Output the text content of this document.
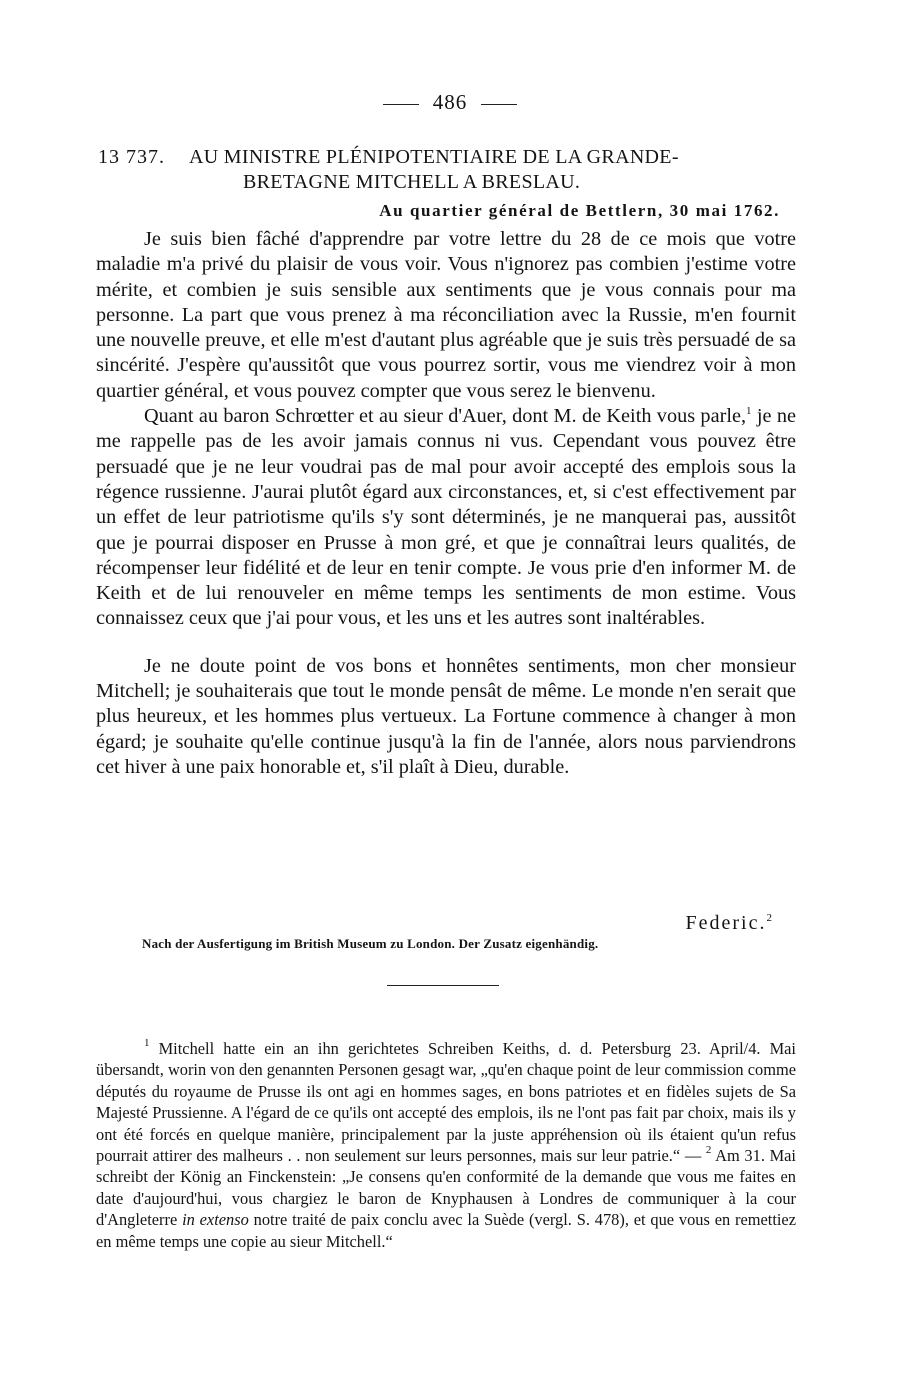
486
13 737. AU MINISTRE PLÉNIPOTENTIAIRE DE LA GRANDE-
BRETAGNE MITCHELL A BRESLAU.
Au quartier général de Bettlern, 30 mai 1762.

Je suis bien fâché d'apprendre par votre lettre du 28 de ce mois que votre maladie m'a privé du plaisir de vous voir. Vous n'ignorez pas combien j'estime votre mérite, et combien je suis sensible aux sentiments que je vous connais pour ma personne. La part que vous prenez à ma réconciliation avec la Russie, m'en fournit une nouvelle preuve, et elle m'est d'autant plus agréable que je suis très persuadé de sa sincérité. J'espère qu'aussitôt que vous pourrez sortir, vous me viendrez voir à mon quartier général, et vous pouvez compter que vous serez le bienvenu.

Quant au baron Schrœtter et au sieur d'Auer, dont M. de Keith vous parle,$^1$ je ne me rappelle pas de les avoir jamais connus ni vus. Cependant vous pouvez être persuadé que je ne leur voudrai pas de mal pour avoir accepté des emplois sous la régence russienne. J'aurai plutôt égard aux circonstances, et, si c'est effectivement par un effet de leur patriotisme qu'ils s'y sont déterminés, je ne manquerai pas, aussitôt que je pourrai disposer en Prusse à mon gré, et que je connaîtrai leurs qualités, de récompenser leur fidélité et de leur en tenir compte. Je vous prie d'en informer M. de Keith et de lui renouveler en même temps les sentiments de mon estime. Vous connaissez ceux que j'ai pour vous, et les uns et les autres sont inaltérables.

Je ne doute point de vos bons et honnêtes sentiments, mon cher monsieur Mitchell; je souhaiterais que tout le monde pensât de même. Le monde n'en serait que plus heureux, et les hommes plus vertueux. La Fortune commence à changer à mon égard; je souhaite qu'elle continue jusqu'à la fin de l'année, alors nous parviendrons cet hiver à une paix honorable et, s'il plaît à Dieu, durable.

Federic.$^2$
Nach der Ausfertigung im British Museum zu London. Der Zusatz eigenhändig.

$^1$ Mitchell hatte ein an ihn gerichtetes Schreiben Keiths, d. d. Petersburg 23. April/4. Mai übersandt, worin von den genannten Personen gesagt war, „qu'en chaque point de leur commission comme députés du royaume de Prusse ils ont agi en hommes sages, en bons patriotes et en fidèles sujets de Sa Majesté Prussienne. A l'égard de ce qu'ils ont accepté des emplois, ils ne l'ont pas fait par choix, mais ils y ont été forcés en quelque manière, principalement par la juste appréhension où ils étaient qu'un refus pourrait attirer des malheurs . . non seulement sur leurs personnes, mais sur leur patrie.“ — $^2$ Am 31. Mai schreibt der König an Finckenstein: „Je consens qu'en conformité de la demande que vous me faites en date d'aujourd'hui, vous chargiez le baron de Knyphausen à Londres de communiquer à la cour d'Angleterre in extenso notre traité de paix conclu avec la Suède (vergl. S. 478), et que vous en remettiez en même temps une copie au sieur Mitchell.“
